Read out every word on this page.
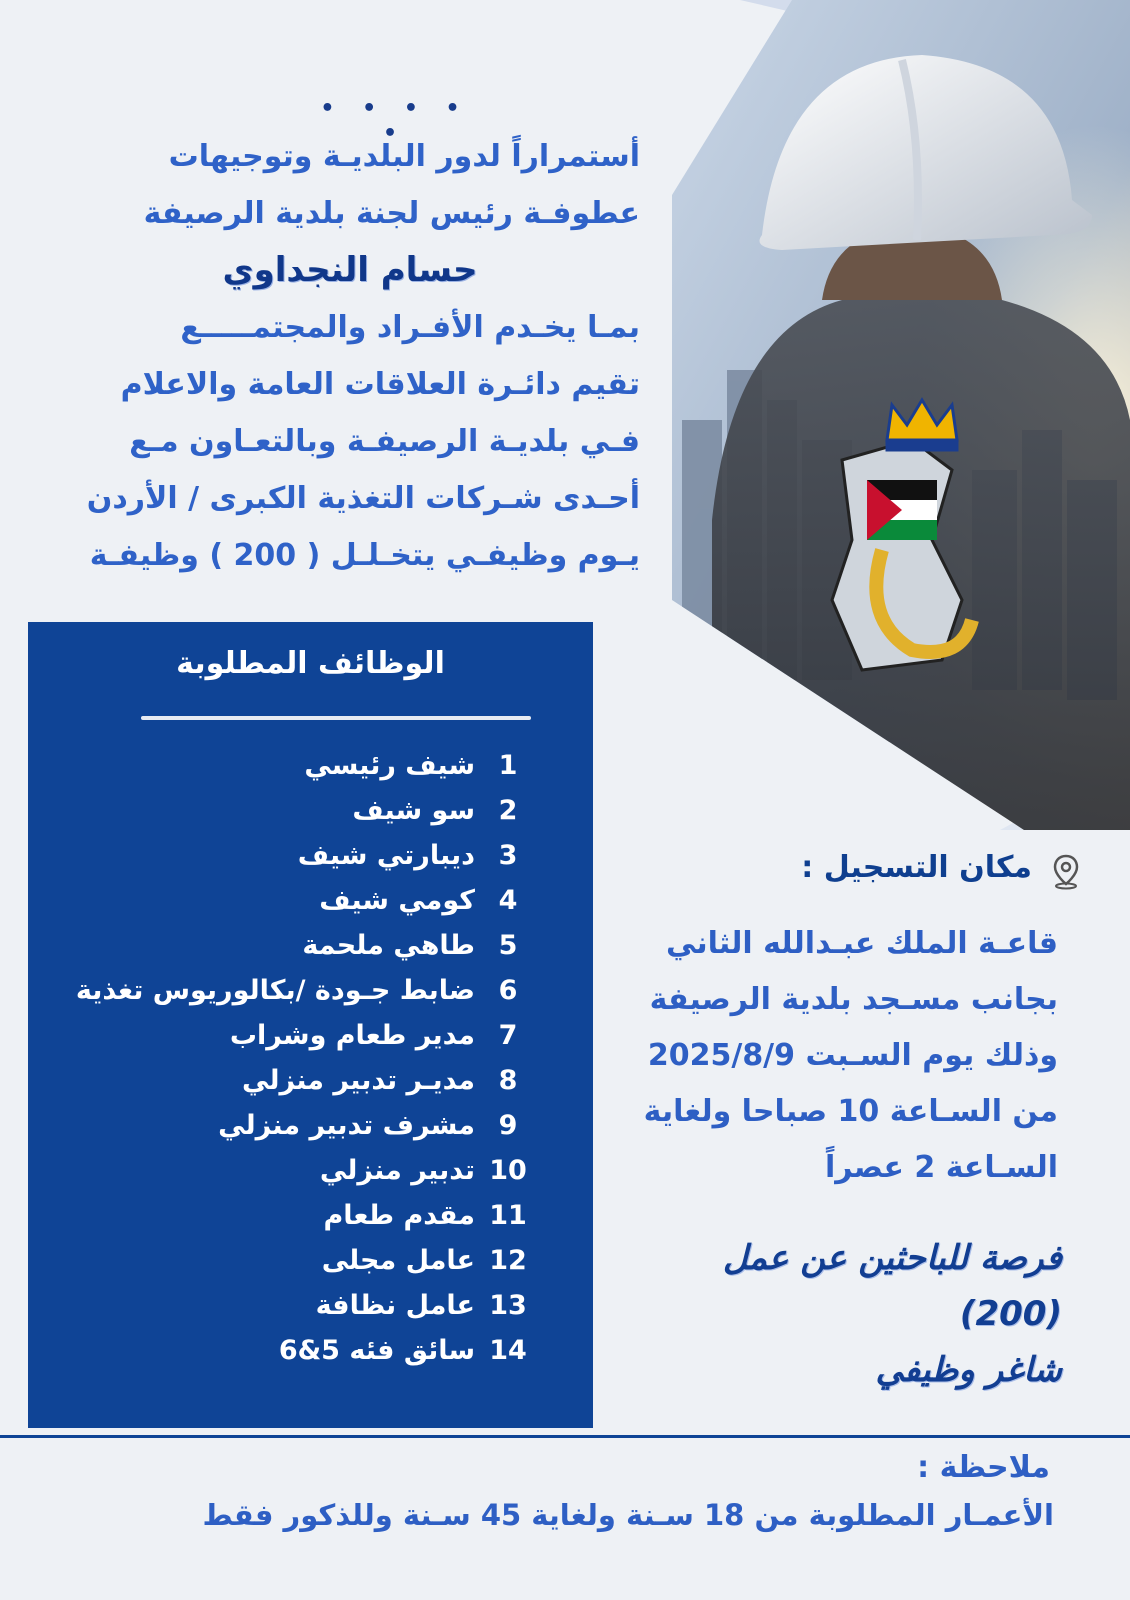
• • • • •
أستمراراً لدور البلديـة وتوجيهات
عطوفـة رئيس لجنة بلدية الرصيفة
حسام النجداوي
بمـا يخـدم الأفـراد والمجتمـــــع
تقيم دائـرة العلاقات العامة والاعلام
فـي بلديـة الرصيفـة وبالتعـاون مـع
أحـدى شـركات التغذية الكبرى / الأردن
يـوم وظيفـي يتخـلـل ( 200 ) وظيفـة
الوظائف المطلوبة
1
شيف رئيسي
2
سو شيف
3
ديبارتي شيف
4
كومي شيف
5
طاهي ملحمة
6
ضابط جـودة /بكالوريوس تغذية
7
مدير طعام وشراب
8
مديـر تدبير منزلي
9
مشرف تدبير منزلي
10
تدبير منزلي
11
مقدم طعام
12
عامل مجلى
13
عامل نظافة
14
سائق فئه 5&6
مكان التسجيل :
قاعـة الملك عبـدالله الثاني
بجانب مسـجد بلدية الرصيفة
وذلك يوم السـبت 2025/8/9
من السـاعة 10 صباحا ولغاية
السـاعة 2 عصراً
فرصة للباحثين عن عمل
(200)
شاغر وظيفي
ملاحظة :
الأعمـار المطلوبة من 18 سـنة ولغاية 45 سـنة وللذكور فقط
